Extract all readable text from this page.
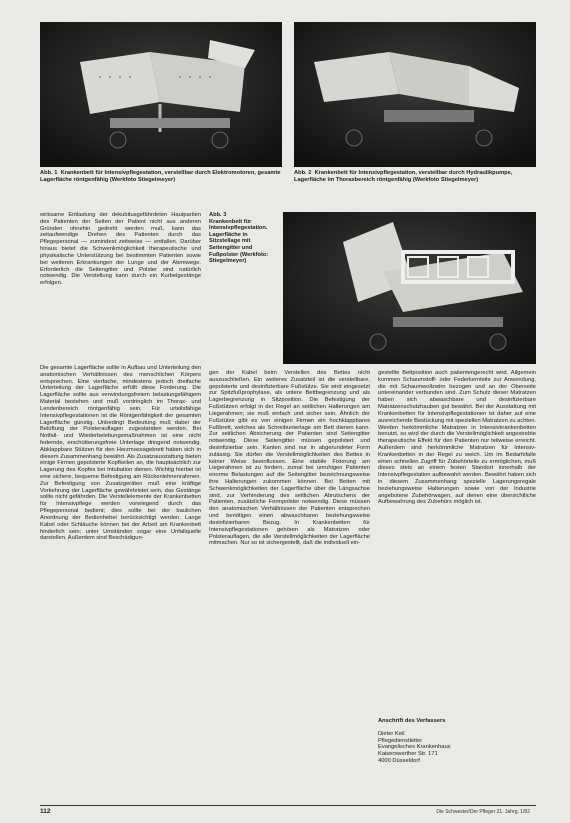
Abb. 1 Krankenbett für Intensivpflegestation, verstellbar durch Elektromotoren, gesamte Lagerfläche röntgenfähig (Werkfoto Stiegelmeyer)
Abb. 2 Krankenbett für Intensivpflegestation, verstellbar durch Hydraulikpumpe, Lagerfläche im Thoraxbereich röntgenfähig (Werkfoto Stiegelmeyer)

wirksame Entlastung der dekubitusgefährdeten Hautpartien des Patienten der Seiten der Patient nicht aus anderen Gründen ohnehin gedreht werden muß, kann das zeitaufwendige Drehen des Patienten durch das Pflegepersonal — zumindest zeitweise — entfallen. Darüber hinaus bietet die Schwenkmöglichkeit therapeutische und physikalische Unterstützung bei bestimmten Patienten sowie bei weiteren Erkrankungen der Lunge und der Atemwege. Erforderlich die Seitengitter und Polster sind natürlich notwendig. Die Verstellung kann durch ein Kurbelgestänge erfolgen.

Abb. 3
Krankenbett für Intensivpflegestation. Lagerfläche in Sitzstellage mit Seitengitter und Fußpolster (Werkfoto: Stiegelmeyer)

Die gesamte Lagerfläche sollte in Aufbau und Unterteilung den anatomischen Verhältnissen des menschlichen Körpers entsprechen. Eine vierfache, mindestens jedoch dreifache Unterteilung der Lagerfläche erfüllt diese Forderung. Die Lagerfläche sollte aus verwindungsfreiem belastungsfähigem Material bestehen und muß vordringlich im Thorax- und Lendenbereich röntgenfähig sein. Für urteilsfähige Intensivpflegestationen ist die Röntgenfähigkeit der gesamten Lagerfläche günstig. Unbedingt Bedeutung muß dabei der Belüftung der Polsterauflagen zugestanden werden. Bei Notfall- und Wiederbelebungsmaßnahmen ist eine nicht federnde, erschütterungsfreie Unterlage dringend notwendig. Abklappbare Stützen für den Herzmassagebrett haben sich in diesem Zusammenhang bewährt. Als Zusatzausstattung bieten einige Firmen gepolsterte Kopfkeilen an, die hauptsächlich zur Lagerung des Kopfes bei Intubation dienen. Wichtig hierbei ist eine sichere, bequeme Befestigung am Rückenlehnenrahmen. Zur Befestigung von Zusatzgeräten muß eine kräftige Vorkehrung der Lagerfläche gewährleistet sein, das Gestänge sollte nicht gefährden. Die Verstellelemente der Krankenbetten für Intensivpflege werden vorwiegend durch das Pflegepersonal bedient; dies sollte bei der baulichen Anordnung der Bedienhebel berücksichtigt werden. Lange Kabel oder Schläuche können bei der Arbeit am Krankenbett hinderlich sein; unter Umständen sogar eine Unfallquelle darstellen. Außerdem sind Beschädigun-

gen der Kabel beim Verstellen des Bettes nicht auszuschließen. Ein weiteres Zusatzteil ist die verstellbare, gepolsterte und desinfizierbare Fußstütze. Sie wird eingesetzt zur Spitzfußprophylaxe, als untere Bettbegrenzung und als Lagerbegrenzung in Sitzposition. Die Befestigung der Fußstützen erfolgt in der Regel an seitlichen Halterungen am Liegerahmen; sie muß einfach und sicher sein. Ähnlich der Fußstütze gibt es von einigen Firmen ein hochklappbares Fußbrett, welches als Schreibunterlage am Bett dienen kann. Zur seitlichen Absicherung der Patienten sind Seitengitter notwendig. Diese Seitengitter müssen gepolstert und desinfizierbar sein. Kanten sind nur in abgerundeter Form zulässig. Sie dürfen die Verstellmöglichkeiten des Bettes in keiner Weise beeinflussen. Eine stabile Fixierung am Liegerahmen ist zu fordern, zumal bei unruhigen Patienten enorme Belastungen auf die Seitengitter bezeichnungsweise ihre Halterungen zukommen können. Bei Betten mit Schwenkmöglichkeiten der Lagerfläche über die Längsachse sind, zur Verhinderung des seitlichen Abrutschens der Patienten, zusätzliche Formpolster notwendig. Diese müssen den anatomischen Verhältnissen der Patienten entsprechen und benötigen einen abwaschbaren beziehungsweise desinfizierbaren Bezug. In Krankenbetten für Intensivpflegestationen gehören als Matratzen oder Polsterauflagen, die alle Verstellmöglichkeiten der Lagerfläche mitmachen. Nur so ist sichergestellt, daß die individuell ein-

gestellte Bettposition auch patientengerecht wird. Allgemein kommen Schaumstoff- oder Federkernteile zur Anwendung, die mit Schaumwollzwirn bezogen und an der Oberseite untereinander verbunden sind. Zum Schutz dieser Matratzen haben sich abwaschbare und desinfizierbare Matratzenschutzhauben gut bewährt. Bei der Ausstattung mit Krankenbetten für Intensivpflegestationen ist daher auf eine ausreichende Bestückung mit speziellen Matratzen zu achten. Werden herkömmliche Matratzen in Intensivkrankenbetten benutzt, so wird der durch die Verstellmöglichkeit angestrebte therapeutische Effekt für den Patienten nur teilweise erreicht. Außerdem sind herkömmliche Matratzen für Intensiv-Krankenbetten in der Regel zu weich. Um im Bedarfsfalle einen schnellen Zugriff für Zubehörteile zu ermöglichen, muß dieses stets an einem festen Standort innerhalb der Intensivpflegestation aufbewahrt werden. Bewährt haben sich in diesem Zusammenhang spezielle Lagerungsregale beziehungsweise Halterungen sowie von der Industrie angebotene Zubehörwagen, auf denen eine übersichtliche Aufbewahrung des Zubehörs möglich ist.

Anschrift des Verfassers
Dieter Keil
Pflegedienstleiter
Evangelisches Krankenhaus
Kaiserswerther Str. 171
4000 Düsseldorf
112	Die Schwester/Der Pfleger 21. Jahrg. 1/82
